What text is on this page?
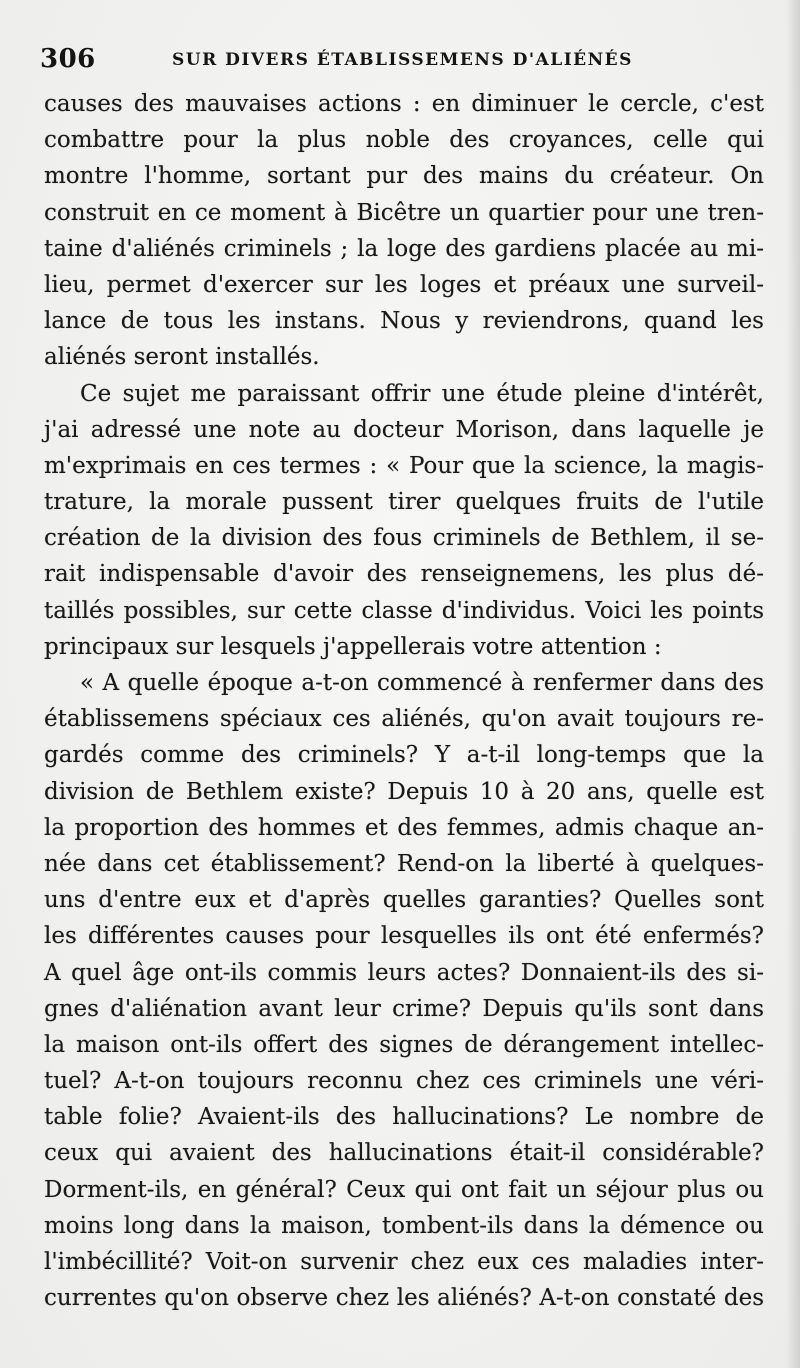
306	SUR DIVERS ÉTABLISSEMENS D'ALIÉNÉS
causes des mauvaises actions : en diminuer le cercle, c'est
combattre pour la plus noble des croyances, celle qui
montre l'homme, sortant pur des mains du créateur. On
construit en ce moment à Bicêtre un quartier pour une tren-
taine d'aliénés criminels ; la loge des gardiens placée au mi-
lieu, permet d'exercer sur les loges et préaux une surveil-
lance de tous les instans. Nous y reviendrons, quand les
aliénés seront installés.
Ce sujet me paraissant offrir une étude pleine d'intérêt,
j'ai adressé une note au docteur Morison, dans laquelle je
m'exprimais en ces termes : « Pour que la science, la magis-
trature, la morale pussent tirer quelques fruits de l'utile
création de la division des fous criminels de Bethlem, il se-
rait indispensable d'avoir des renseignemens, les plus dé-
taillés possibles, sur cette classe d'individus. Voici les points
principaux sur lesquels j'appellerais votre attention :
« A quelle époque a-t-on commencé à renfermer dans des
établissemens spéciaux ces aliénés, qu'on avait toujours re-
gardés comme des criminels? Y a-t-il long-temps que la
division de Bethlem existe? Depuis 10 à 20 ans, quelle est
la proportion des hommes et des femmes, admis chaque an-
née dans cet établissement? Rend-on la liberté à quelques-
uns d'entre eux et d'après quelles garanties? Quelles sont
les différentes causes pour lesquelles ils ont été enfermés?
A quel âge ont-ils commis leurs actes? Donnaient-ils des si-
gnes d'aliénation avant leur crime? Depuis qu'ils sont dans
la maison ont-ils offert des signes de dérangement intellec-
tuel? A-t-on toujours reconnu chez ces criminels une véri-
table folie? Avaient-ils des hallucinations? Le nombre de
ceux qui avaient des hallucinations était-il considérable?
Dorment-ils, en général? Ceux qui ont fait un séjour plus ou
moins long dans la maison, tombent-ils dans la démence ou
l'imbécillité? Voit-on survenir chez eux ces maladies inter-
currentes qu'on observe chez les aliénés? A-t-on constaté des
